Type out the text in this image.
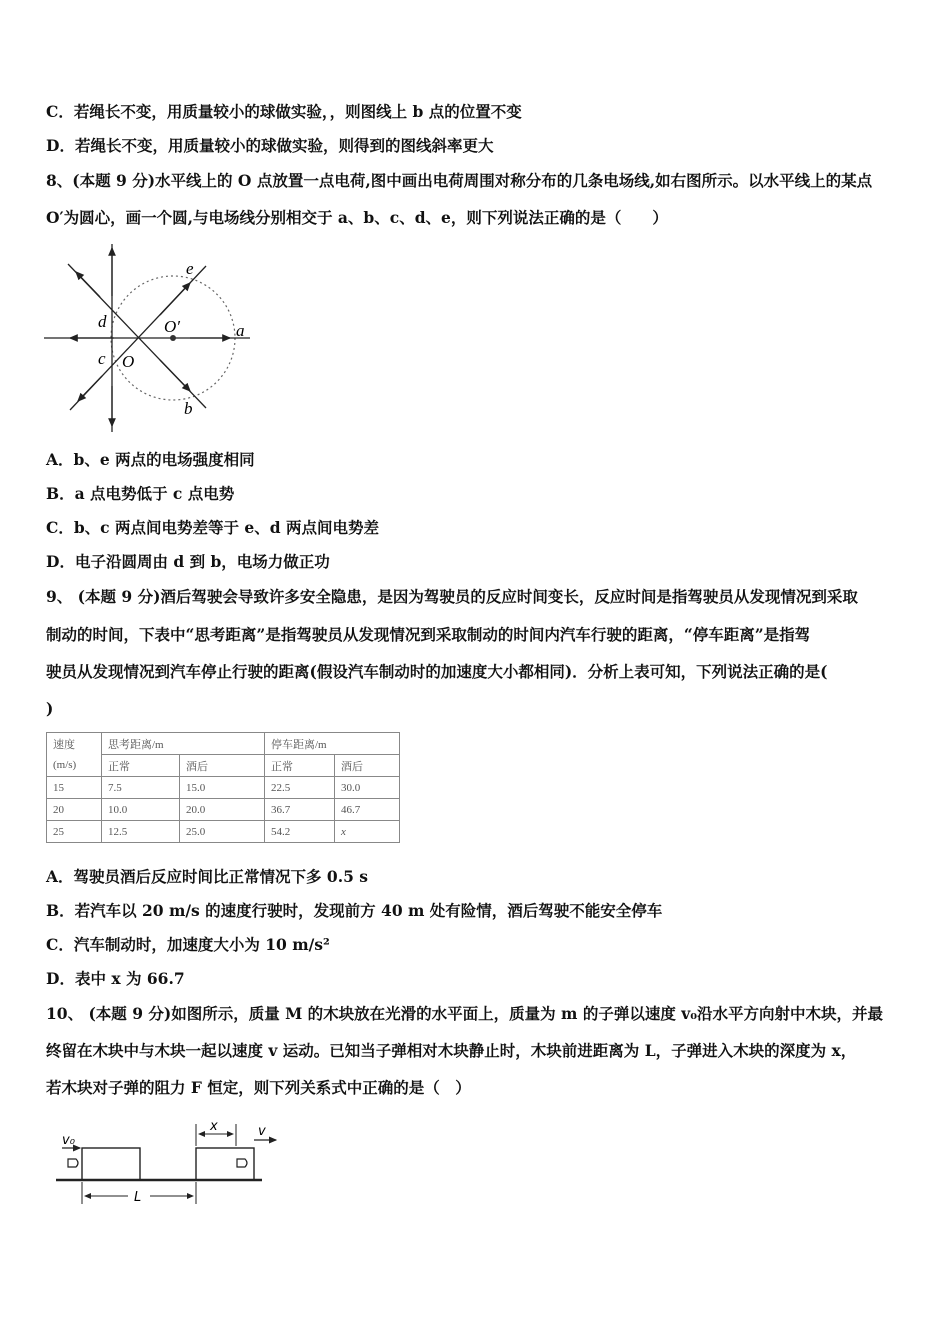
C．若绳长不变，用质量较小的球做实验，，则图线上 b 点的位置不变
D．若绳长不变，用质量较小的球做实验，则得到的图线斜率更大
8、(本题 9 分)水平线上的 O 点放置一点电荷,图中画出电荷周围对称分布的几条电场线,如右图所示。以水平线上的某点
O′为圆心，画一个圆,与电场线分别相交于 a、b、c、d、e，则下列说法正确的是（　　）
O′
O
a
b
c
d
e
A．b、e 两点的电场强度相同
B．a 点电势低于 c 点电势
C．b、c 两点间电势差等于 e、d 两点间电势差
D．电子沿圆周由 d 到 b，电场力做正功
9、 (本题 9 分)酒后驾驶会导致许多安全隐患，是因为驾驶员的反应时间变长，反应时间是指驾驶员从发现情况到采取
制动的时间，下表中“思考距离”是指驾驶员从发现情况到采取制动的时间内汽车行驶的距离，“停车距离”是指驾
驶员从发现情况到汽车停止行驶的距离(假设汽车制动时的加速度大小都相同)．分析上表可知，下列说法正确的是(
)
速度	思考距离/m		停车距离/m	
(m/s)	正常	酒后	正常	酒后
15	7.5	15.0	22.5	30.0
20	10.0	20.0	36.7	46.7
25	12.5	25.0	54.2	x
A．驾驶员酒后反应时间比正常情况下多 0.5 s
B．若汽车以 20 m/s 的速度行驶时，发现前方 40 m 处有险情，酒后驾驶不能安全停车
C．汽车制动时，加速度大小为 10 m/s²
D．表中 x 为 66.7
10、 (本题 9 分)如图所示，质量 M 的木块放在光滑的水平面上，质量为 m 的子弹以速度 v₀沿水平方向射中木块，并最
终留在木块中与木块一起以速度 v 运动。已知当子弹相对木块静止时，木块前进距离为 L，子弹进入木块的深度为 x，
若木块对子弹的阻力 F 恒定，则下列关系式中正确的是（　）
v₀
x	v
L
